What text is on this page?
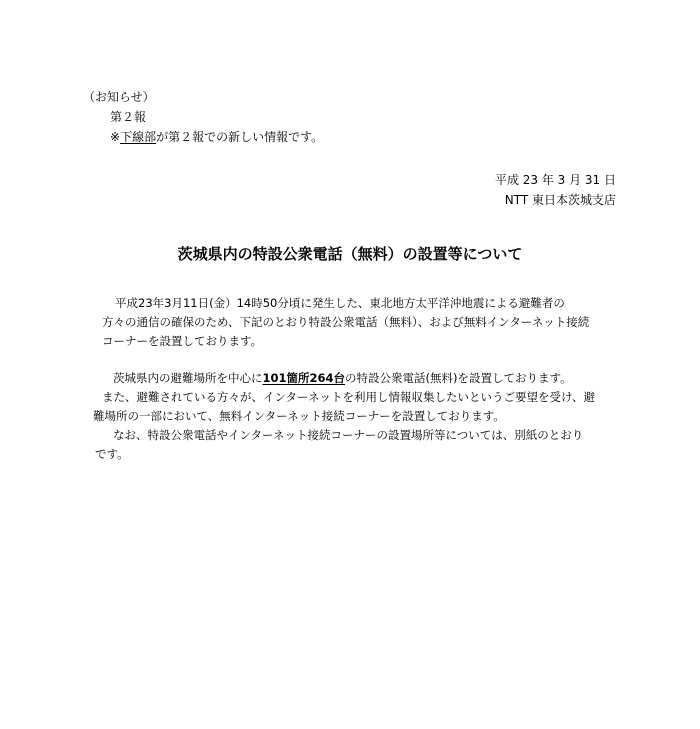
（お知らせ）
第２報
※下線部が第２報での新しい情報です。
平成 23 年 3 月 31 日
NTT 東日本茨城支店
茨城県内の特設公衆電話（無料）の設置等について
平成23年3月11日(金）14時50分頃に発生した、東北地方太平洋沖地震による避難者の
方々の通信の確保のため、下記のとおり特設公衆電話（無料）、および無料インターネット接続
コーナーを設置しております。
茨城県内の避難場所を中心に101箇所264台の特設公衆電話(無料)を設置しております。
また、避難されている方々が、インターネットを利用し情報収集したいというご要望を受け、避
難場所の一部において、無料インターネット接続コーナーを設置しております。
なお、特設公衆電話やインターネット接続コーナーの設置場所等については、別紙のとおり
です。
